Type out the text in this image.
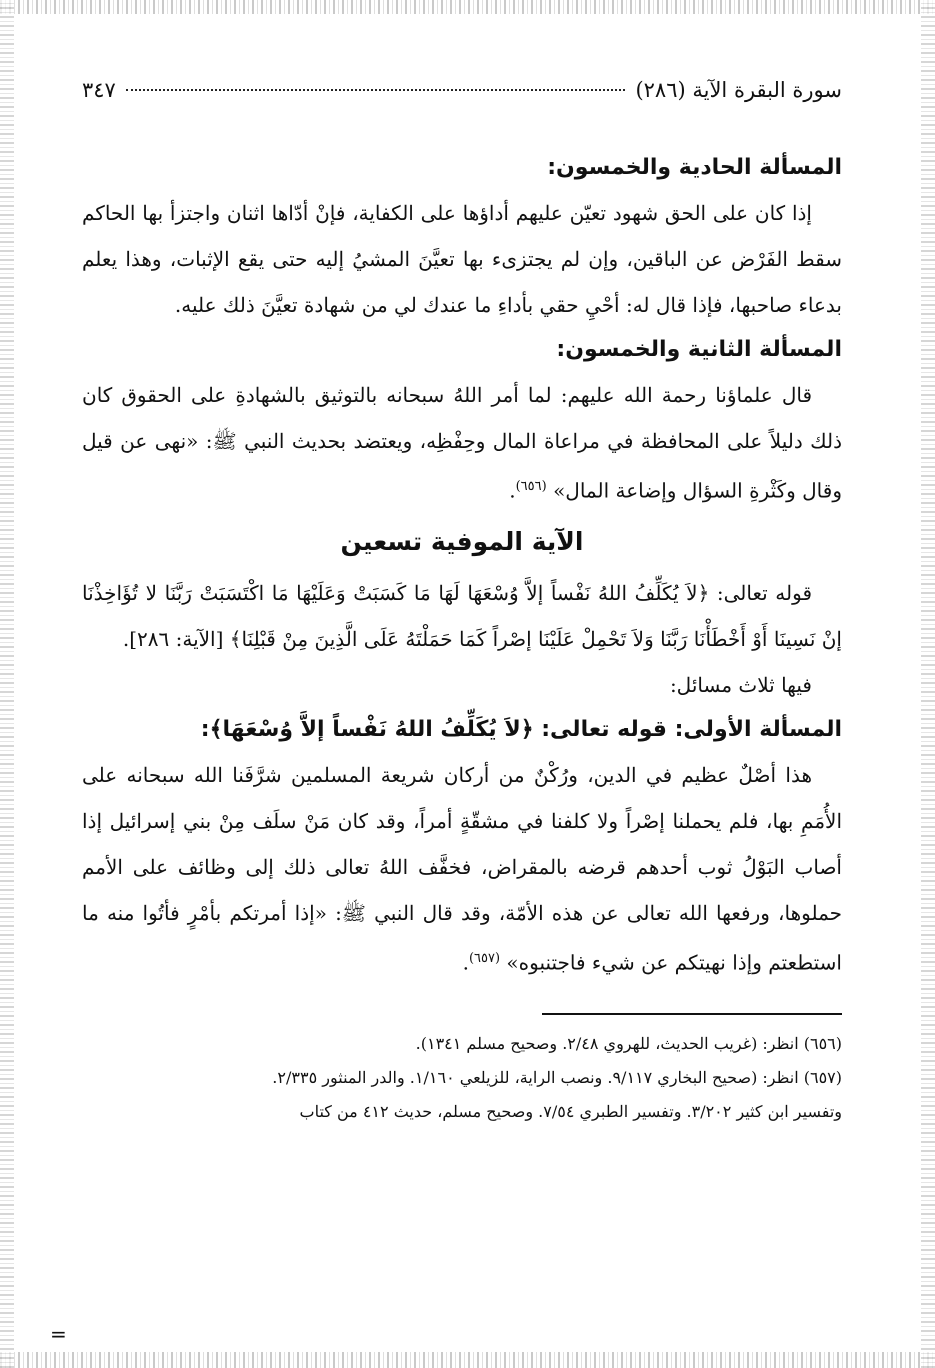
سورة البقرة الآية (٢٨٦)
٣٤٧
المسألة الحادية والخمسون:

إذا كان على الحق شهود تعيّن عليهم أداؤها على الكفاية، فإنْ أدّاها اثنان واجتزأ بها الحاكم سقط الفَرْض عن الباقين، وإن لم يجتزىء بها تعيَّنَ المشيُ إليه حتى يقع الإثبات، وهذا يعلم بدعاء صاحبها، فإذا قال له: أحْيِ حقي بأداءِ ما عندك لي من شهادة تعيَّنَ ذلك عليه.

المسألة الثانية والخمسون:

قال علماؤنا رحمة الله عليهم: لما أمر اللهُ سبحانه بالتوثيق بالشهادةِ على الحقوق كان ذلك دليلاً على المحافظة في مراعاة المال وحِفْظِه، ويعتضد بحديث النبي ﷺ: «نهى عن قيل وقال وكَثْرةِ السؤال وإضاعة المال» $^{(٦٥٦)}$.

الآية الموفية تسعين

قوله تعالى: ﴿لاَ يُكَلِّفُ اللهُ نَفْساً إلاَّ وُسْعَهَا لَهَا مَا كَسَبَتْ وَعَلَيْهَا مَا اكْتَسَبَتْ رَبَّنَا لا تُؤَاخِذْنَا إنْ نَسِينَا أَوْ أَخْطَأْنَا رَبَّنَا وَلاَ تَحْمِلْ عَلَيْنَا إصْراً كَمَا حَمَلْتَهُ عَلَى الَّذِينَ مِنْ قَبْلِنَا﴾ [الآية: ٢٨٦].

فيها ثلاث مسائل:

المسألة الأولى: قوله تعالى: ﴿لاَ يُكَلِّفُ اللهُ نَفْساً إلاَّ وُسْعَهَا﴾:

هذا أصْلٌ عظيم في الدين، ورُكْنٌ من أركان شريعة المسلمين شرَّفَنا الله سبحانه على الأُمَمِ بها، فلم يحملنا إصْراً ولا كلفنا في مشقّةٍ أمراً، وقد كان مَنْ سلَف مِنْ بني إسرائيل إذا أصاب البَوْلُ ثوب أحدهم قرضه بالمقراض، فخفَّف اللهُ تعالى ذلك إلى وظائف على الأمم حملوها، ورفعها الله تعالى عن هذه الأمّة، وقد قال النبي ﷺ: «إذا أمرتكم بأمْرٍ فأتُوا منه ما استطعتم وإذا نهيتكم عن شيء فاجتنبوه» $^{(٦٥٧)}$.

(٦٥٦) انظر: (غريب الحديث، للهروي ٢/٤٨. وصحيح مسلم ١٣٤١).

(٦٥٧) انظر: (صحيح البخاري ٩/١١٧. ونصب الراية، للزيلعي ١/١٦٠. والدر المنثور ٢/٣٣٥.

وتفسير ابن كثير ٣/٢٠٢. وتفسير الطبري ٧/٥٤. وصحيح مسلم، حديث ٤١٢ من كتاب

=
